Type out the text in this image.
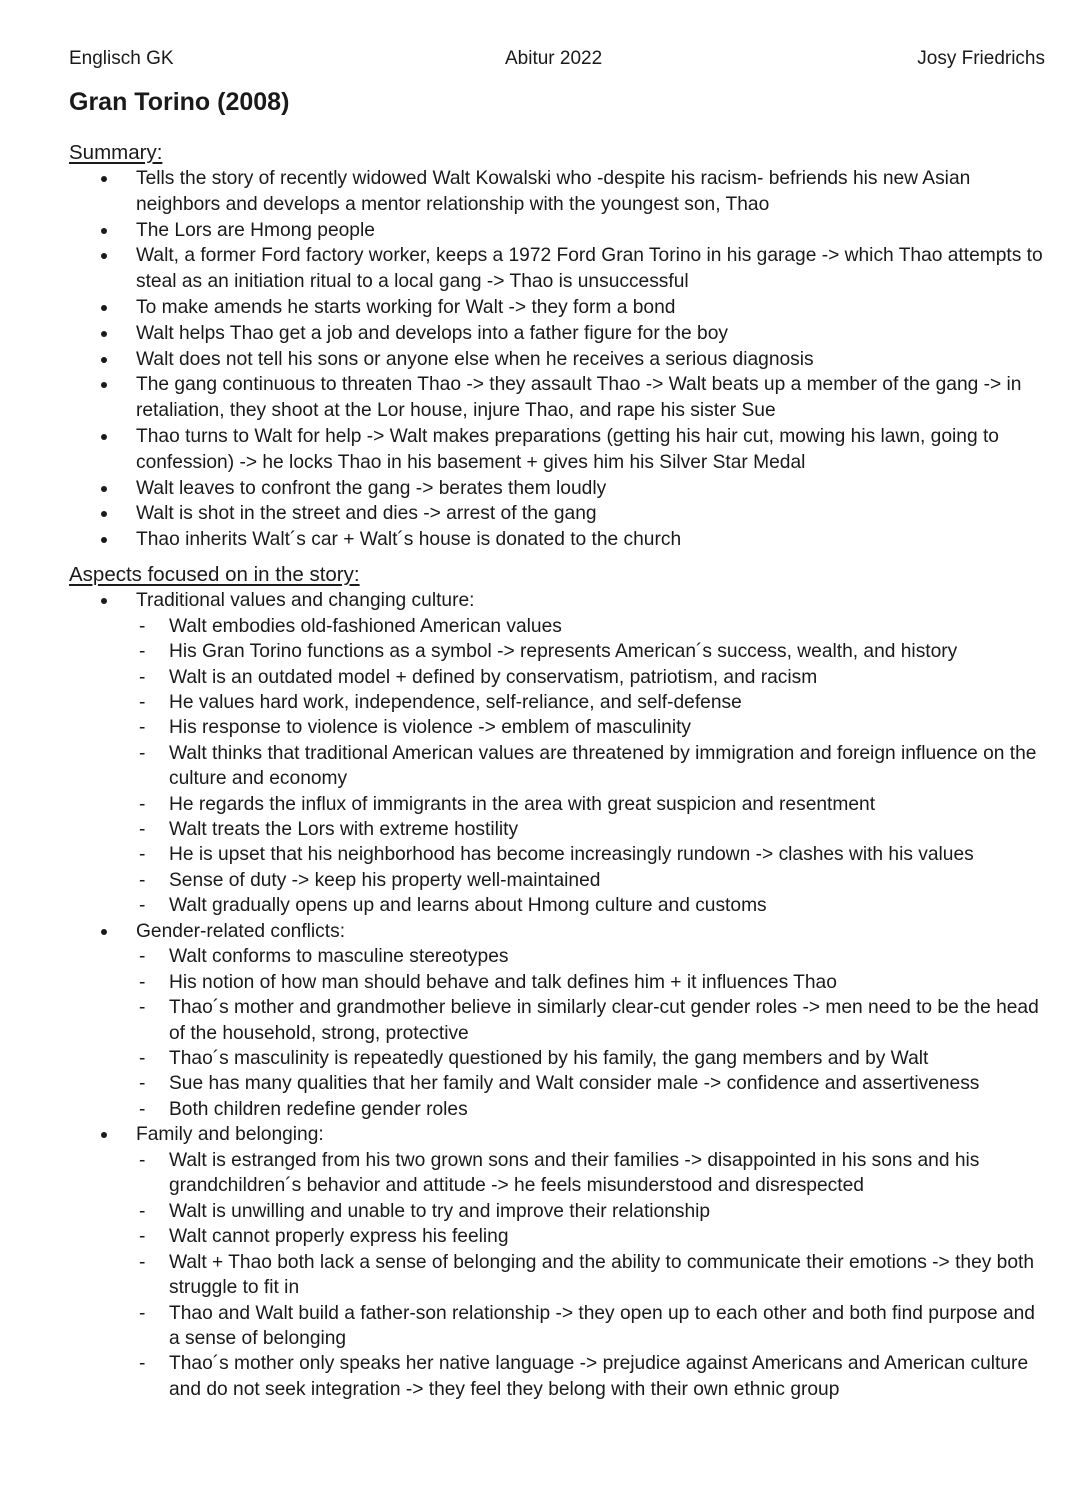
Englisch GK	Abitur 2022	Josy Friedrichs
Gran Torino (2008)
Summary:
Tells the story of recently widowed Walt Kowalski who -despite his racism- befriends his new Asian neighbors and develops a mentor relationship with the youngest son, Thao
The Lors are Hmong people
Walt, a former Ford factory worker, keeps a 1972 Ford Gran Torino in his garage -> which Thao attempts to steal as an initiation ritual to a local gang -> Thao is unsuccessful
To make amends he starts working for Walt -> they form a bond
Walt helps Thao get a job and develops into a father figure for the boy
Walt does not tell his sons or anyone else when he receives a serious diagnosis
The gang continuous to threaten Thao -> they assault Thao -> Walt beats up a member of the gang -> in retaliation, they shoot at the Lor house, injure Thao, and rape his sister Sue
Thao turns to Walt for help -> Walt makes preparations (getting his hair cut, mowing his lawn, going to confession) -> he locks Thao in his basement + gives him his Silver Star Medal
Walt leaves to confront the gang -> berates them loudly
Walt is shot in the street and dies -> arrest of the gang
Thao inherits Walt´s car + Walt´s house is donated to the church
Aspects focused on in the story:
Traditional values and changing culture:
- Walt embodies old-fashioned American values
- His Gran Torino functions as a symbol -> represents American´s success, wealth, and history
- Walt is an outdated model + defined by conservatism, patriotism, and racism
- He values hard work, independence, self-reliance, and self-defense
- His response to violence is violence -> emblem of masculinity
- Walt thinks that traditional American values are threatened by immigration and foreign influence on the culture and economy
- He regards the influx of immigrants in the area with great suspicion and resentment
- Walt treats the Lors with extreme hostility
- He is upset that his neighborhood has become increasingly rundown -> clashes with his values
- Sense of duty -> keep his property well-maintained
- Walt gradually opens up and learns about Hmong culture and customs
Gender-related conflicts:
- Walt conforms to masculine stereotypes
- His notion of how man should behave and talk defines him + it influences Thao
- Thao´s mother and grandmother believe in similarly clear-cut gender roles -> men need to be the head of the household, strong, protective
- Thao´s masculinity is repeatedly questioned by his family, the gang members and by Walt
- Sue has many qualities that her family and Walt consider male -> confidence and assertiveness
- Both children redefine gender roles
Family and belonging:
- Walt is estranged from his two grown sons and their families -> disappointed in his sons and his grandchildren´s behavior and attitude -> he feels misunderstood and disrespected
- Walt is unwilling and unable to try and improve their relationship
- Walt cannot properly express his feeling
- Walt + Thao both lack a sense of belonging and the ability to communicate their emotions -> they both struggle to fit in
- Thao and Walt build a father-son relationship -> they open up to each other and both find purpose and a sense of belonging
- Thao´s mother only speaks her native language -> prejudice against Americans and American culture and do not seek integration -> they feel they belong with their own ethnic group
